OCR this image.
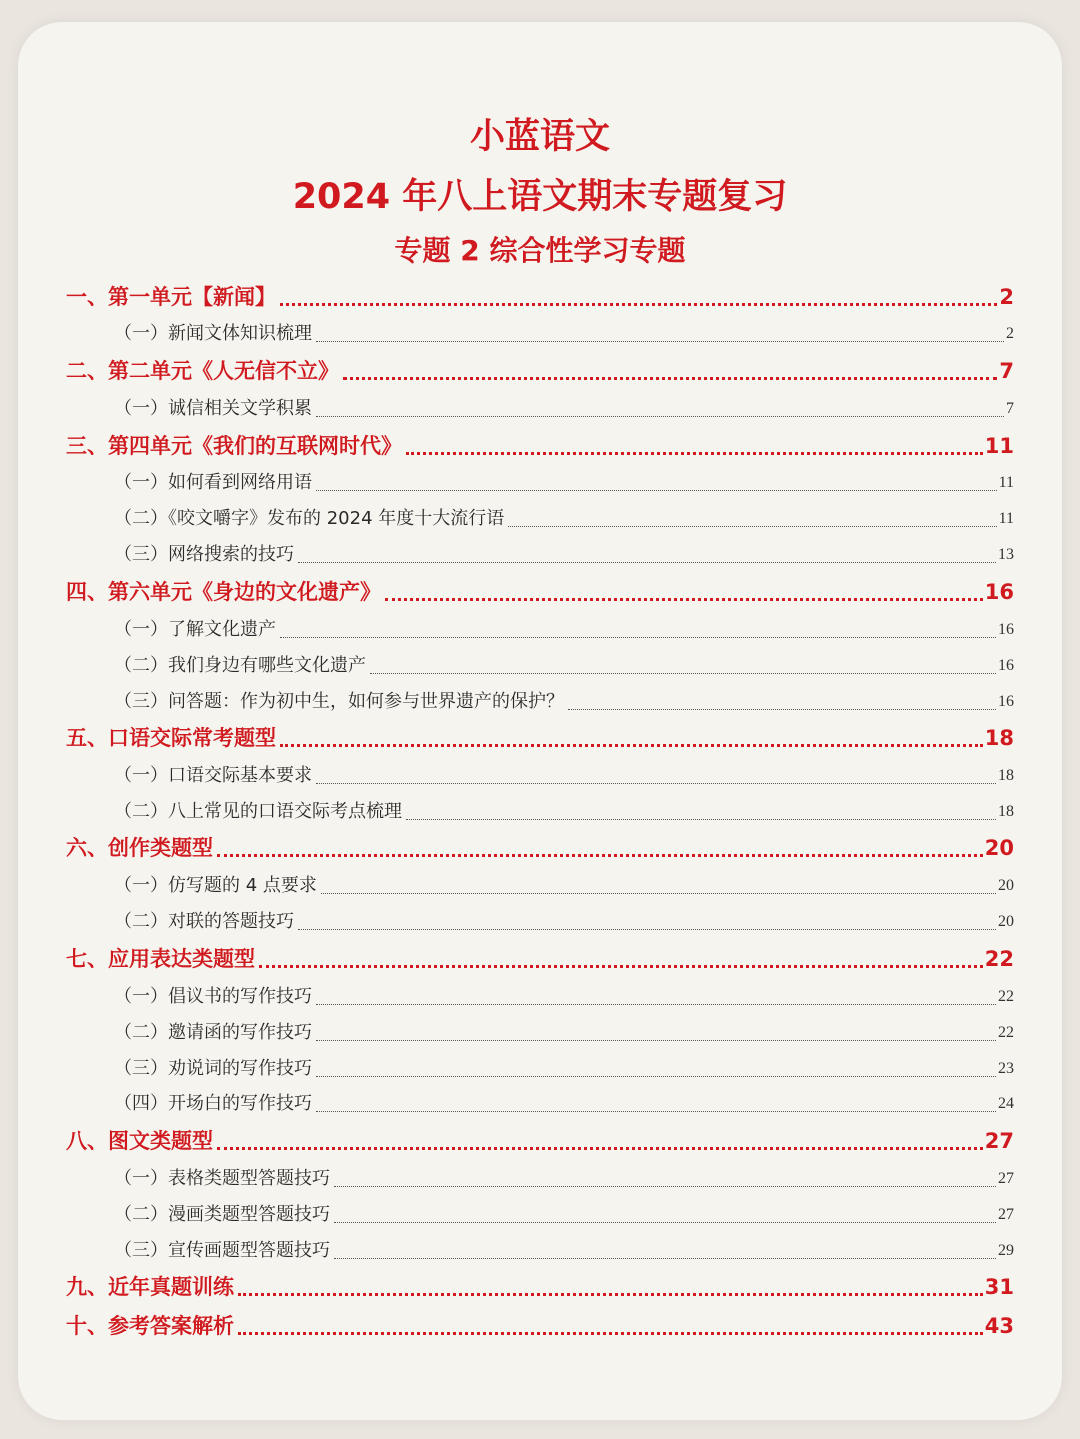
小蓝语文
2024 年八上语文期末专题复习
专题 2 综合性学习专题
一、第一单元【新闻】	2
（一）新闻文体知识梳理	2
二、第二单元《人无信不立》	7
（一）诚信相关文学积累	7
三、第四单元《我们的互联网时代》	11
（一）如何看到网络用语	11
（二）《咬文嚼字》发布的 2024 年度十大流行语	11
（三）网络搜索的技巧	13
四、第六单元《身边的文化遗产》	16
（一）了解文化遗产	16
（二）我们身边有哪些文化遗产	16
（三）问答题：作为初中生，如何参与世界遗产的保护？	16
五、口语交际常考题型	18
（一）口语交际基本要求	18
（二）八上常见的口语交际考点梳理	18
六、创作类题型	20
（一）仿写题的 4 点要求	20
（二）对联的答题技巧	20
七、应用表达类题型	22
（一）倡议书的写作技巧	22
（二）邀请函的写作技巧	22
（三）劝说词的写作技巧	23
（四）开场白的写作技巧	24
八、图文类题型	27
（一）表格类题型答题技巧	27
（二）漫画类题型答题技巧	27
（三）宣传画题型答题技巧	29
九、近年真题训练	31
十、参考答案解析	43
